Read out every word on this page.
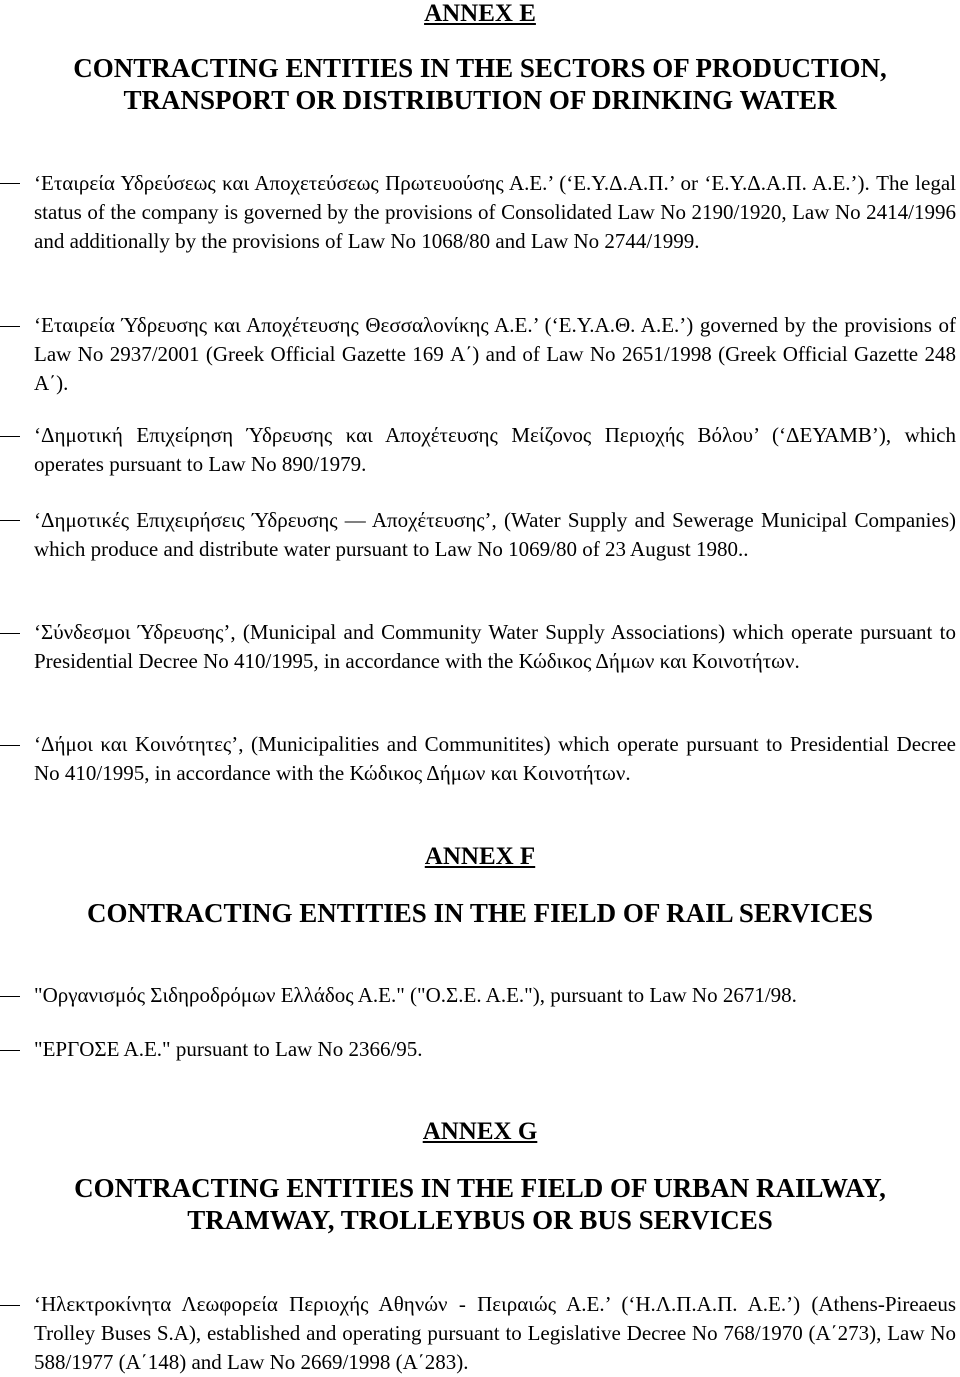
ANNEX E
CONTRACTING ENTITIES IN THE SECTORS OF PRODUCTION,
TRANSPORT OR DISTRIBUTION OF DRINKING WATER
‘Εταιρεία Υδρεύσεως και Αποχετεύσεως Πρωτευούσης Α.Ε.’ (‘Ε.Υ.Δ.Α.Π.’ or ‘Ε.Υ.Δ.Α.Π. Α.Ε.’). The legal status of the company is governed by the provisions of Consolidated Law No 2190/1920, Law No 2414/1996 and additionally by the provisions of Law No 1068/80 and Law No 2744/1999.
‘Εταιρεία Ύδρευσης και Αποχέτευσης Θεσσαλονίκης Α.Ε.’ (‘Ε.Υ.Α.Θ. Α.Ε.’) governed by the provisions of Law No 2937/2001 (Greek Official Gazette 169 Α΄) and of Law No 2651/1998 (Greek Official Gazette 248 Α΄).
‘Δημοτική Επιχείρηση Ύδρευσης και Αποχέτευσης Μείζονος Περιοχής Βόλου’ (‘ΔΕΥΑΜΒ’), which operates pursuant to Law No 890/1979.
‘Δημοτικές Επιχειρήσεις Ύδρευσης — Αποχέτευσης’, (Water Supply and Sewerage Municipal Companies) which produce and distribute water pursuant to Law No 1069/80 of 23 August 1980..
‘Σύνδεσμοι Ύδρευσης’, (Municipal and Community Water Supply Associations) which operate pursuant to Presidential Decree No 410/1995, in accordance with the Κώδικος Δήμων και Κοινοτήτων.
‘Δήμοι και Κοινότητες’, (Municipalities and Communitites) which operate pursuant to Presidential Decree No 410/1995, in accordance with the Κώδικος Δήμων και Κοινοτήτων.
ANNEX F
CONTRACTING ENTITIES IN THE FIELD OF RAIL SERVICES
"Οργανισμός Σιδηροδρόμων Ελλάδος Α.Ε." ("Ο.Σ.Ε. Α.Ε."), pursuant to Law No 2671/98.
"ΕΡΓΟΣΕ Α.Ε." pursuant to Law No 2366/95.
ANNEX G
CONTRACTING ENTITIES IN THE FIELD OF URBAN RAILWAY,
TRAMWAY, TROLLEYBUS OR BUS SERVICES
‘Ηλεκτροκίνητα Λεωφορεία Περιοχής Αθηνών - Πειραιώς Α.Ε.’ (‘Η.Λ.Π.Α.Π. Α.Ε.’) (Athens-Pireaeus Trolley Buses S.A), established and operating pursuant to Legislative Decree No 768/1970 (Α΄273), Law No 588/1977 (Α΄148) and Law No 2669/1998 (Α΄283).
